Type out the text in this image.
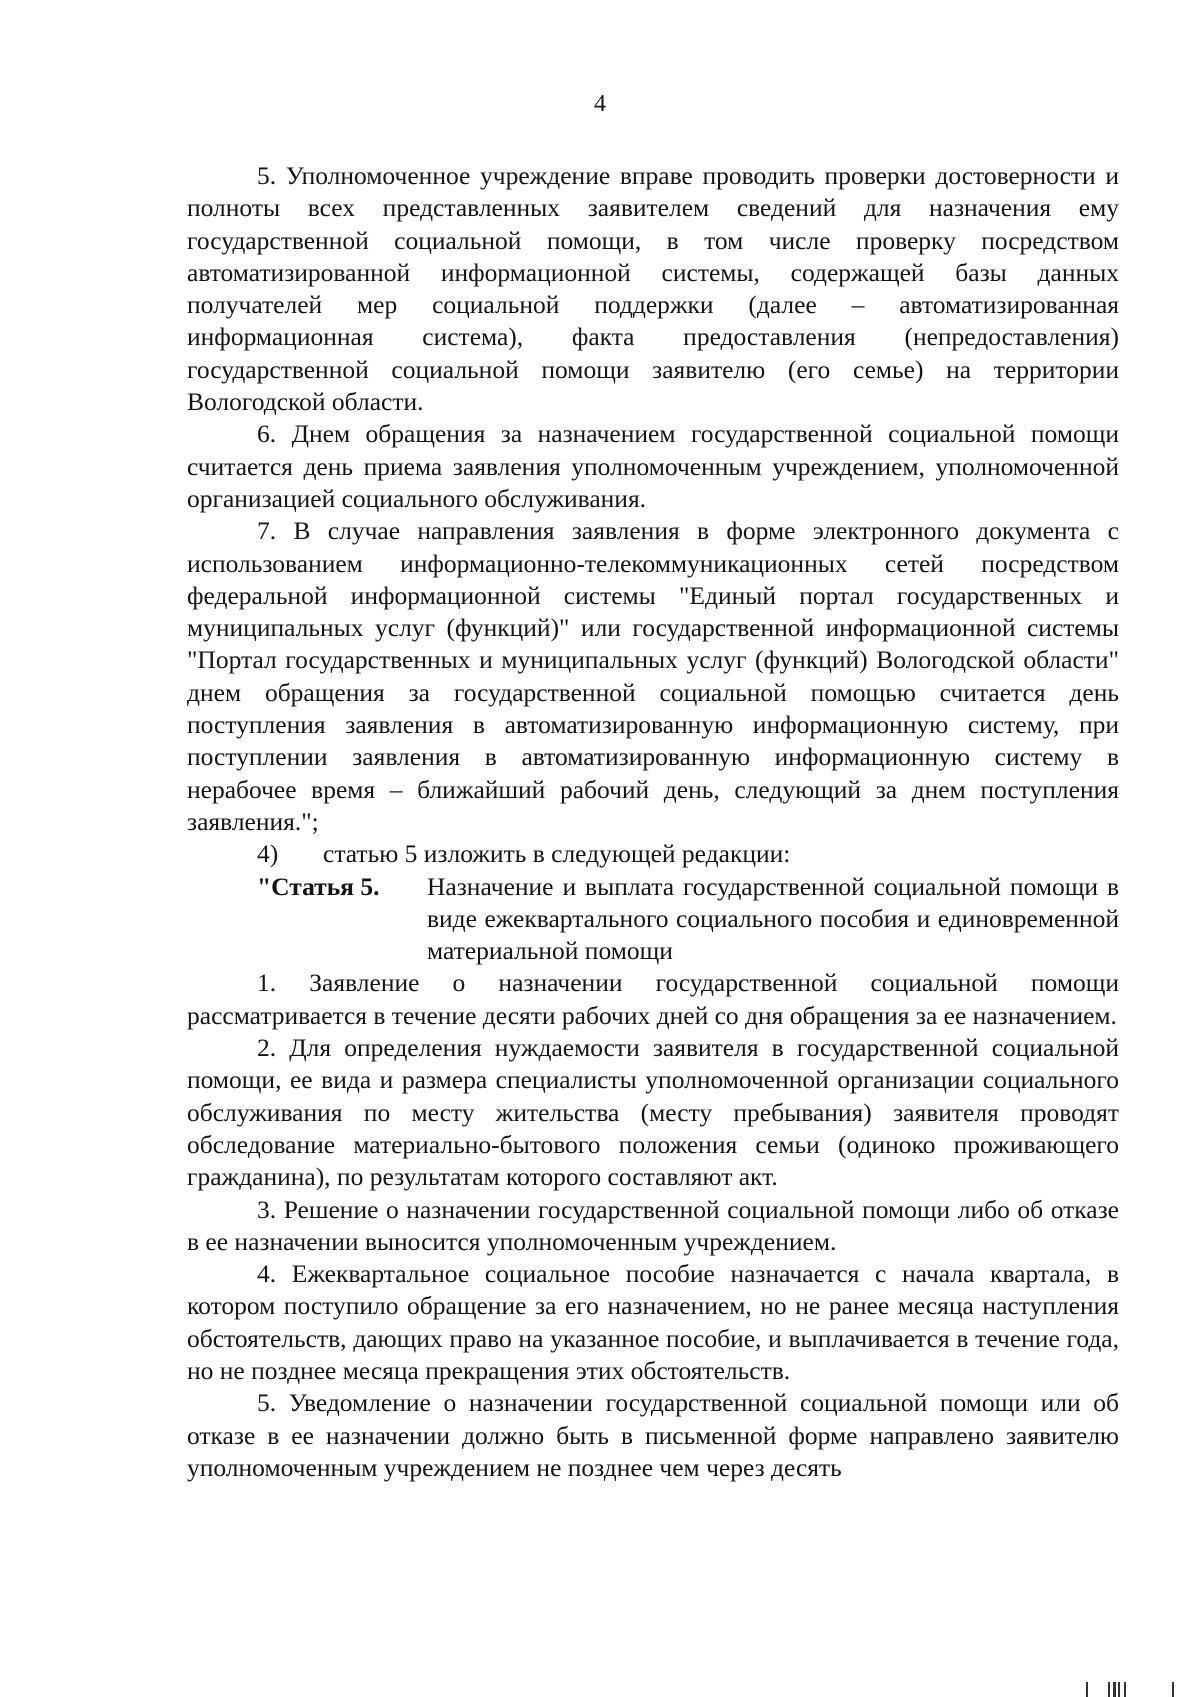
4

5. Уполномоченное учреждение вправе проводить проверки достоверности и полноты всех представленных заявителем сведений для назначения ему государственной социальной помощи, в том числе проверку посредством автоматизированной информационной системы, содержащей базы данных получателей мер социальной поддержки (далее – автоматизированная информационная система), факта предоставления (непредоставления) государственной социальной помощи заявителю (его семье) на территории Вологодской области.

6. Днем обращения за назначением государственной социальной помощи считается день приема заявления уполномоченным учреждением, уполномоченной организацией социального обслуживания.

7. В случае направления заявления в форме электронного документа с использованием информационно-телекоммуникационных сетей посредством федеральной информационной системы "Единый портал государственных и муниципальных услуг (функций)" или государственной информационной системы "Портал государственных и муниципальных услуг (функций) Вологодской области" днем обращения за государственной социальной помощью считается день поступления заявления в автоматизированную информационную систему, при поступлении заявления в автоматизированную информационную систему в нерабочее время – ближайший рабочий день, следующий за днем поступления заявления.";

4) статью 5 изложить в следующей редакции:
"Статья 5.	Назначение и выплата государственной социальной помощи в виде ежеквартального социального пособия и единовременной материальной помощи

1. Заявление о назначении государственной социальной помощи рассматривается в течение десяти рабочих дней со дня обращения за ее назначением.

2. Для определения нуждаемости заявителя в государственной социальной помощи, ее вида и размера специалисты уполномоченной организации социального обслуживания по месту жительства (месту пребывания) заявителя проводят обследование материально-бытового положения семьи (одиноко проживающего гражданина), по результатам которого составляют акт.

3. Решение о назначении государственной социальной помощи либо об отказе в ее назначении выносится уполномоченным учреждением.

4. Ежеквартальное социальное пособие назначается с начала квартала, в котором поступило обращение за его назначением, но не ранее месяца наступления обстоятельств, дающих право на указанное пособие, и выплачивается в течение года, но не позднее месяца прекращения этих обстоятельств.

5. Уведомление о назначении государственной социальной помощи или об отказе в ее назначении должно быть в письменной форме направлено заявителю уполномоченным учреждением не позднее чем через десять
